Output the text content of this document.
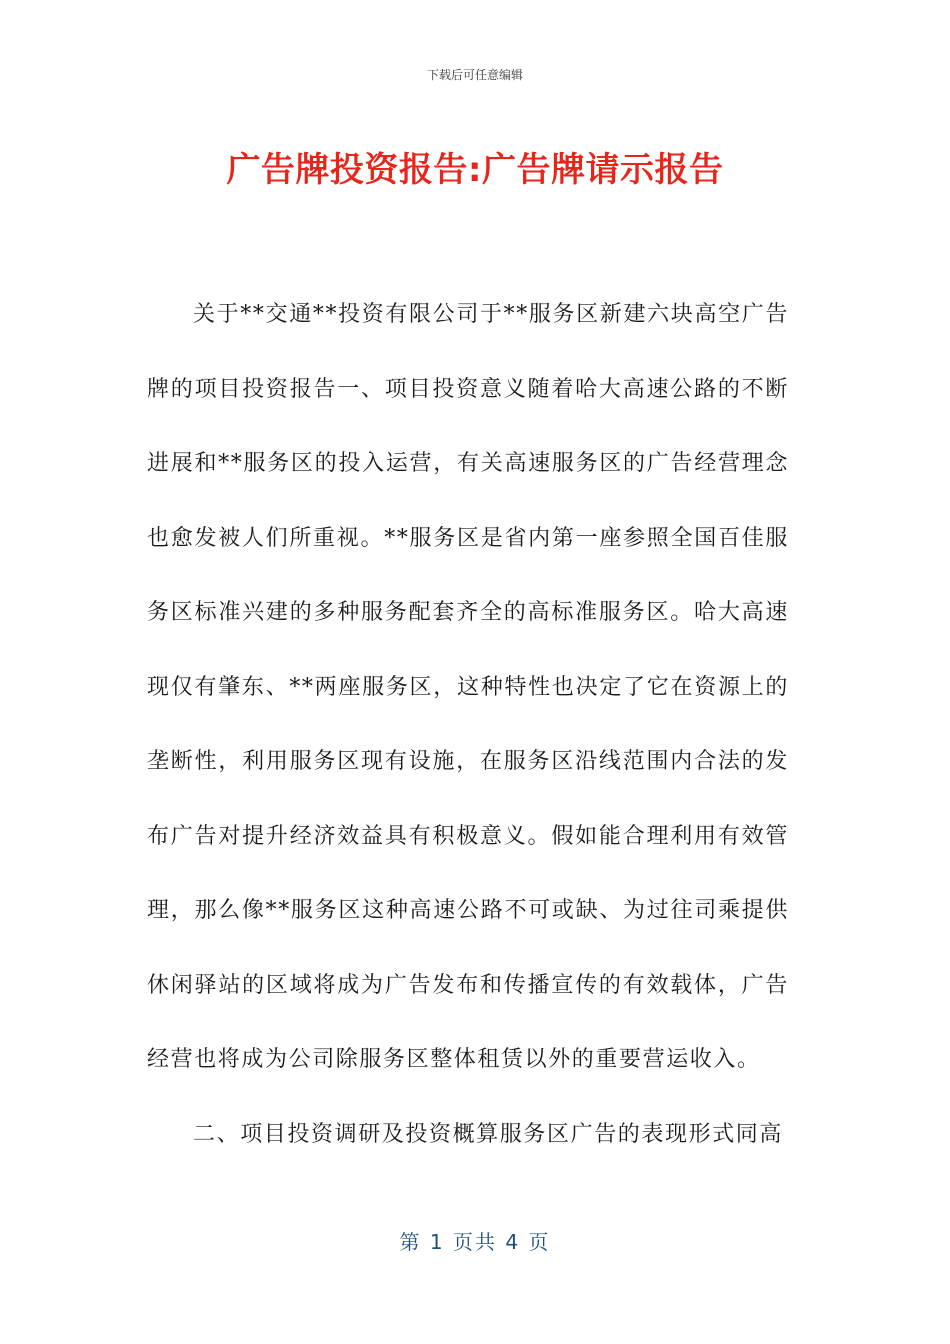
下载后可任意编辑
广告牌投资报告:广告牌请示报告

关于**交通**投资有限公司于**服务区新建六块高空广告牌的项目投资报告一、项目投资意义随着哈大高速公路的不断进展和**服务区的投入运营，有关高速服务区的广告经营理念也愈发被人们所重视。**服务区是省内第一座参照全国百佳服务区标准兴建的多种服务配套齐全的高标准服务区。哈大高速现仅有肇东、**两座服务区，这种特性也决定了它在资源上的垄断性，利用服务区现有设施，在服务区沿线范围内合法的发布广告对提升经济效益具有积极意义。假如能合理利用有效管理，那么像**服务区这种高速公路不可或缺、为过往司乘提供休闲驿站的区域将成为广告发布和传播宣传的有效载体，广告经营也将成为公司除服务区整体租赁以外的重要营运收入。

二、项目投资调研及投资概算服务区广告的表现形式同高

第 1 页共 4 页
